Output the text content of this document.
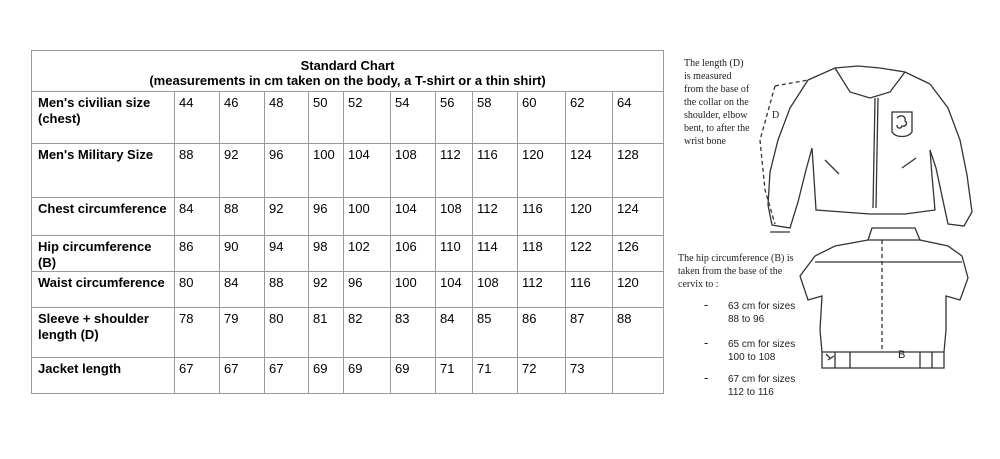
Standard Chart
(measurements in cm taken on the body, a T-shirt or a thin shirt)											

Men's civilian size (chest)	44	46	48	50	52	54	56	58	60	62	64
Men's Military Size	88	92	96	100	104	108	112	116	120	124	128
Chest circumference	84	88	92	96	100	104	108	112	116	120	124
Hip circumference (B)	86	90	94	98	102	106	110	114	118	122	126
Waist circumference	80	84	88	92	96	100	104	108	112	116	120
Sleeve + shoulder length (D)	78	79	80	81	82	83	84	85	86	87	88
Jacket length	67	67	67	69	69	69	71	71	72	73	
D
B
The length (D)
is measured
from the base of
the collar on the
shoulder, elbow
bent, to after the
wrist bone
The hip circumference (B) is
taken from the base of the
cervix to :
- 63 cm for sizes
88 to 96
- 65 cm for sizes
100 to 108
- 67 cm for sizes
112 to 116
